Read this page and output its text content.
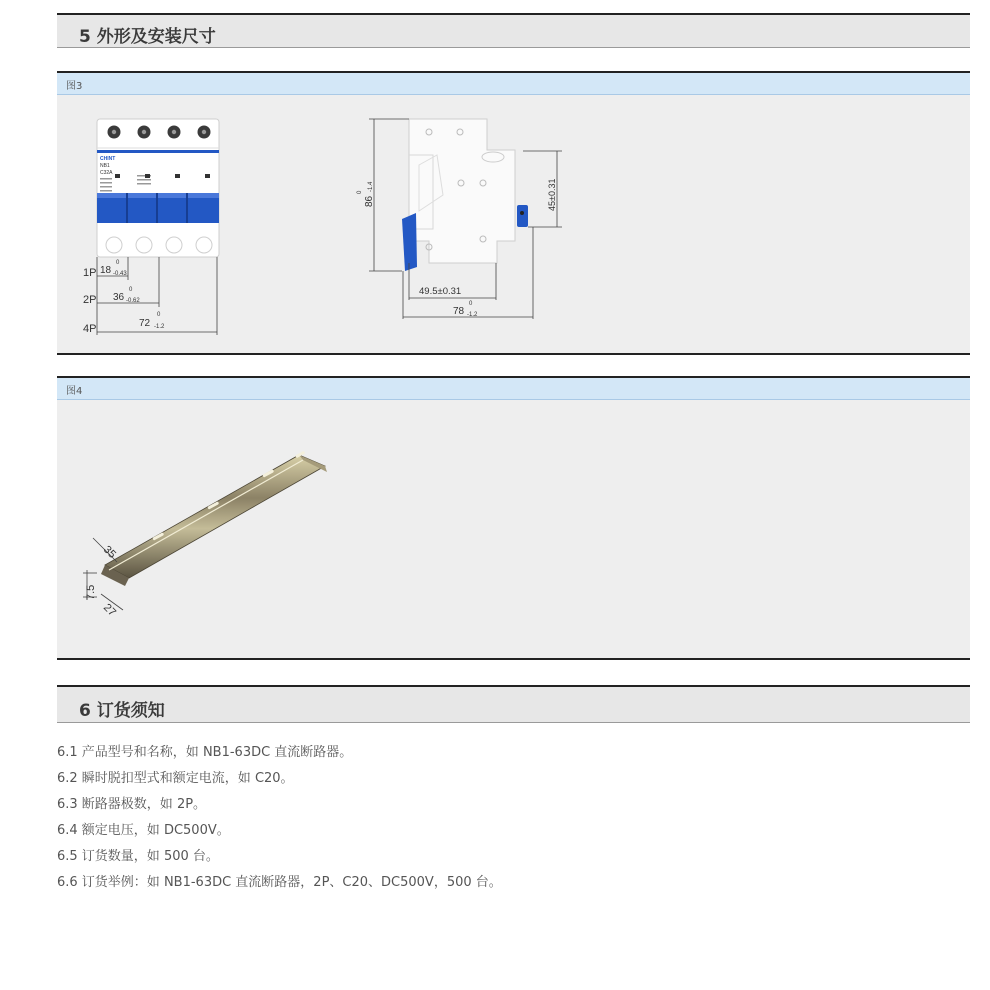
5 外形及安装尺寸
图3
CHINT
NB1
C32A
1P
2P
4P
18
0
-0.43
36
0
-0.62
72
0
-1.2
86
0
-1.4	45±0.31
49.5±0.31
78
0
-1.2
图4
35
7.5
27
6 订货须知
6.1 产品型号和名称，如 NB1-63DC 直流断路器。
6.2 瞬时脱扣型式和额定电流，如 C20。
6.3 断路器极数，如 2P。
6.4 额定电压，如 DC500V。
6.5 订货数量，如 500 台。
6.6 订货举例：如 NB1-63DC 直流断路器，2P、C20、DC500V，500 台。
